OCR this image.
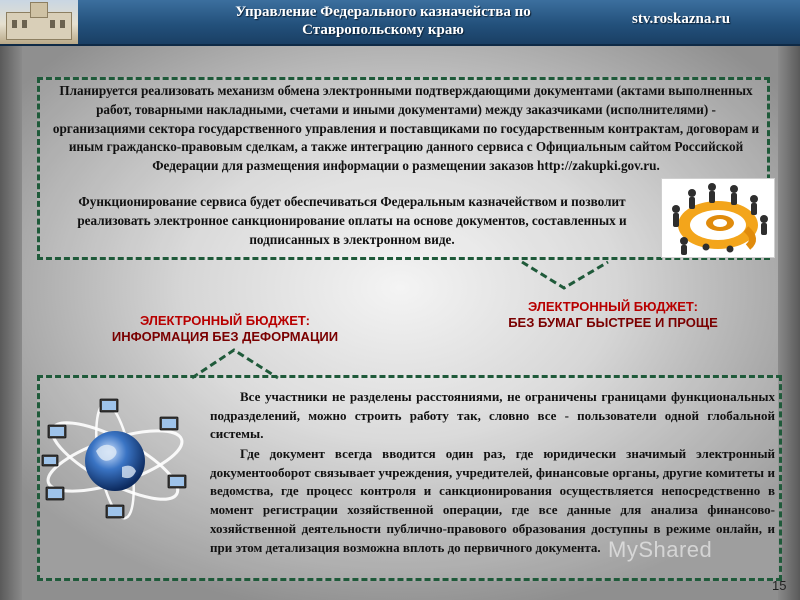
Управление Федерального казначейства по
Ставропольскому краю
stv.roskazna.ru
Планируется реализовать механизм обмена электронными подтверждающими документами (актами выполненных работ, товарными накладными, счетами и иными документами) между заказчиками (исполнителями) - организациями сектора государственного управления и поставщиками по государственным контрактам, договорам и иным гражданско-правовым сделкам, а также интеграцию данного сервиса с Официальным сайтом Российской Федерации для размещения информации о размещении заказов http://zakupki.gov.ru.
Функционирование сервиса будет обеспечиваться Федеральным казначейством и позволит реализовать электронное санкционирование оплаты на основе документов, составленных и подписанных в электронном виде.
ЭЛЕКТРОННЫЙ БЮДЖЕТ:
ИНФОРМАЦИЯ БЕЗ ДЕФОРМАЦИИ
ЭЛЕКТРОННЫЙ БЮДЖЕТ:
БЕЗ БУМАГ БЫСТРЕЕ И ПРОЩЕ
Все участники не разделены расстояниями, не ограничены границами функциональных подразделений, можно строить работу так, словно все - пользователи одной глобальной системы.
Где документ всегда вводится один раз, где юридически значимый электронный документооборот связывает учреждения, учредителей, финансовые органы, другие комитеты и ведомства, где процесс контроля и санкционирования осуществляется непосредственно в момент регистрации хозяйственной операции, где все данные для анализа финансово-хозяйственной деятельности публично-правового образования доступны в режиме онлайн, и при этом детализация возможна вплоть до первичного документа. MyShared
15
